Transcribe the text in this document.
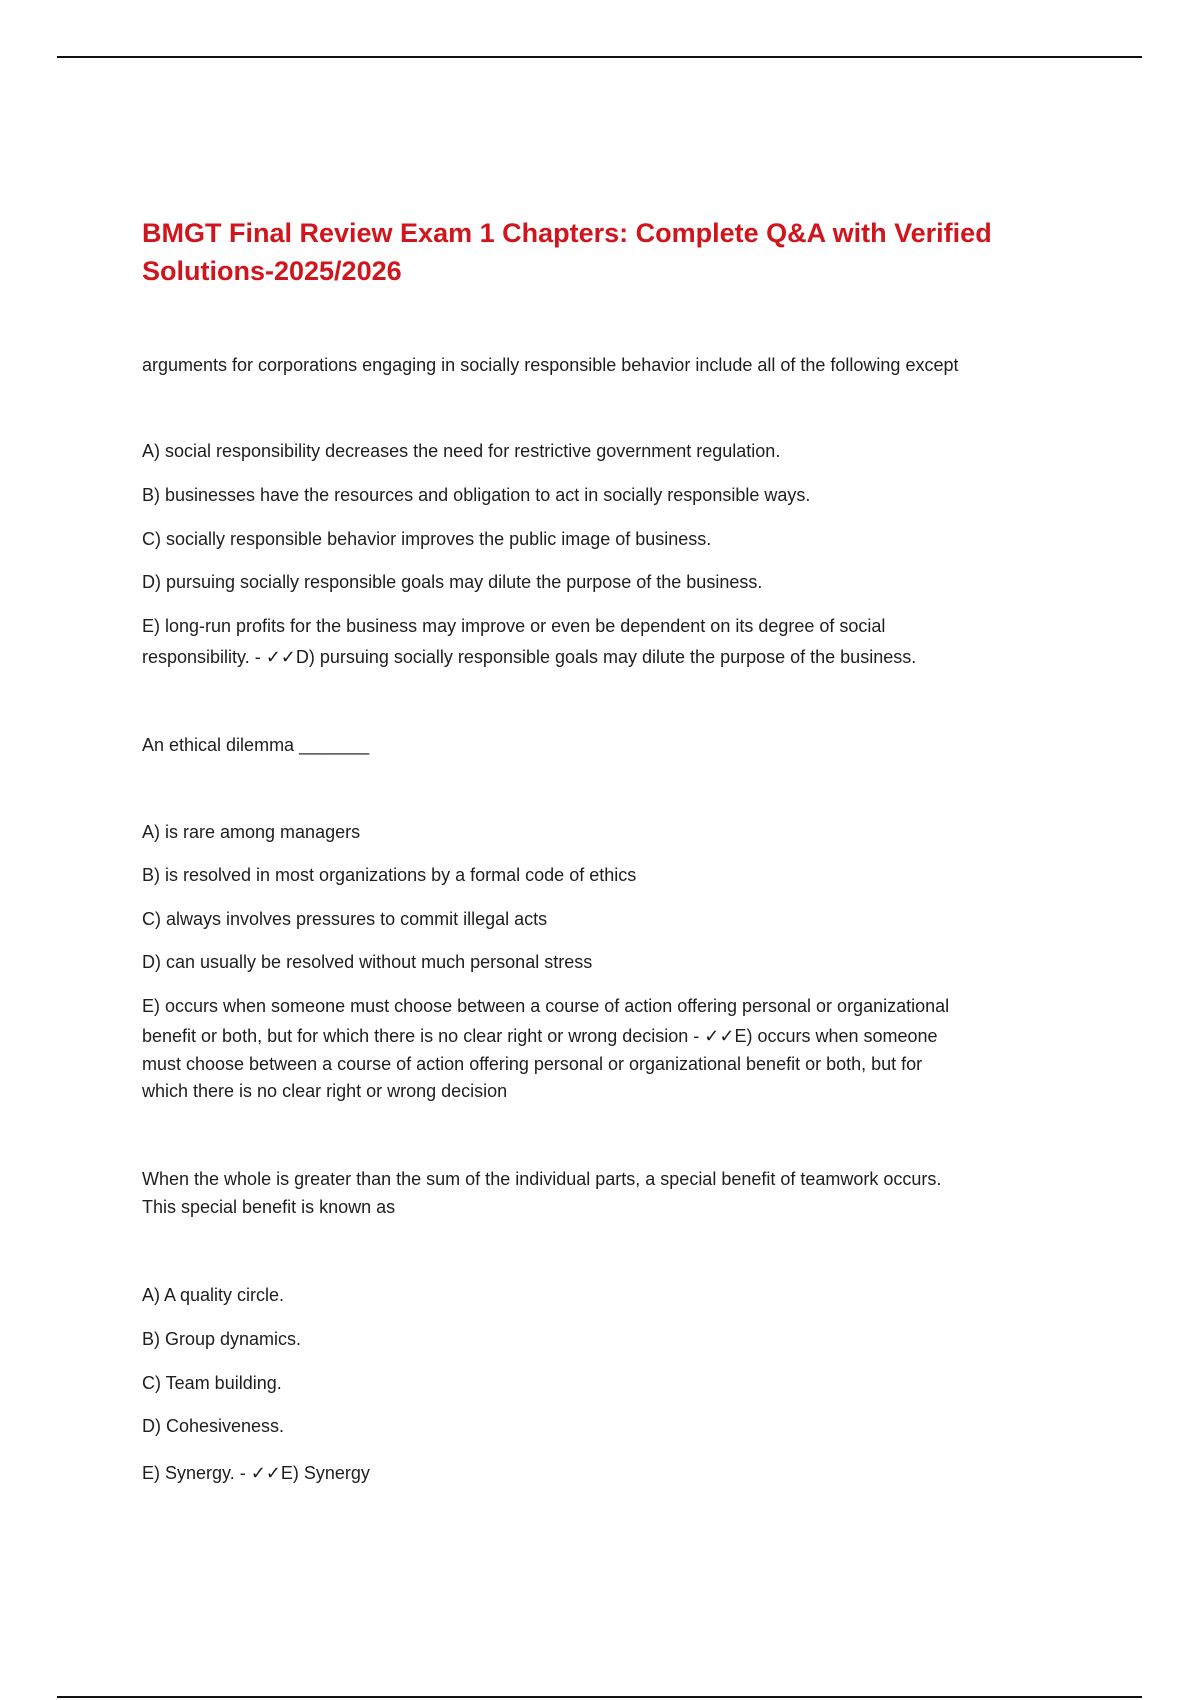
BMGT Final Review Exam 1 Chapters: Complete Q&A with Verified
Solutions-2025/2026

arguments for corporations engaging in socially responsible behavior include all of the following except

A) social responsibility decreases the need for restrictive government regulation.

B) businesses have the resources and obligation to act in socially responsible ways.

C) socially responsible behavior improves the public image of business.

D) pursuing socially responsible goals may dilute the purpose of the business.

E) long-run profits for the business may improve or even be dependent on its degree of social

responsibility. - ✓✓D) pursuing socially responsible goals may dilute the purpose of the business.

An ethical dilemma _______

A) is rare among managers

B) is resolved in most organizations by a formal code of ethics

C) always involves pressures to commit illegal acts

D) can usually be resolved without much personal stress

E) occurs when someone must choose between a course of action offering personal or organizational

benefit or both, but for which there is no clear right or wrong decision - ✓✓E) occurs when someone

must choose between a course of action offering personal or organizational benefit or both, but for

which there is no clear right or wrong decision

When the whole is greater than the sum of the individual parts, a special benefit of teamwork occurs.

This special benefit is known as

A) A quality circle.

B) Group dynamics.

C) Team building.

D) Cohesiveness.

E) Synergy. - ✓✓E) Synergy
